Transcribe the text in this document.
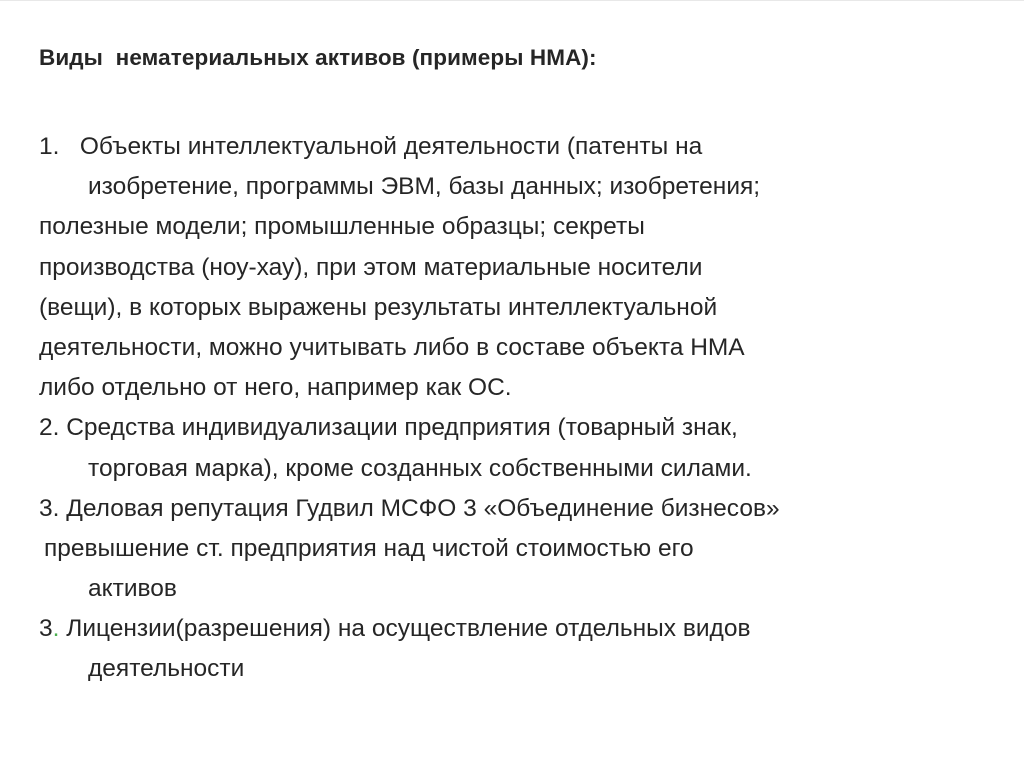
Виды  нематериальных активов (примеры НМА):
1.   Объекты интеллектуальной деятельности (патенты на
изобретение, программы ЭВМ, базы данных; изобретения;
полезные модели; промышленные образцы; секреты
производства (ноу-хау), при этом материальные носители
(вещи), в которых выражены результаты интеллектуальной
деятельности, можно учитывать либо в составе объекта НМА
либо отдельно от него, например как ОС.
2. Средства индивидуализации предприятия (товарный знак,
торговая марка), кроме созданных собственными силами.
3. Деловая репутация Гудвил МСФО 3 «Объединение бизнесов»
превышение ст. предприятия над чистой стоимостью его
активов
3. Лицензии(разрешения) на осуществление отдельных видов
деятельности
